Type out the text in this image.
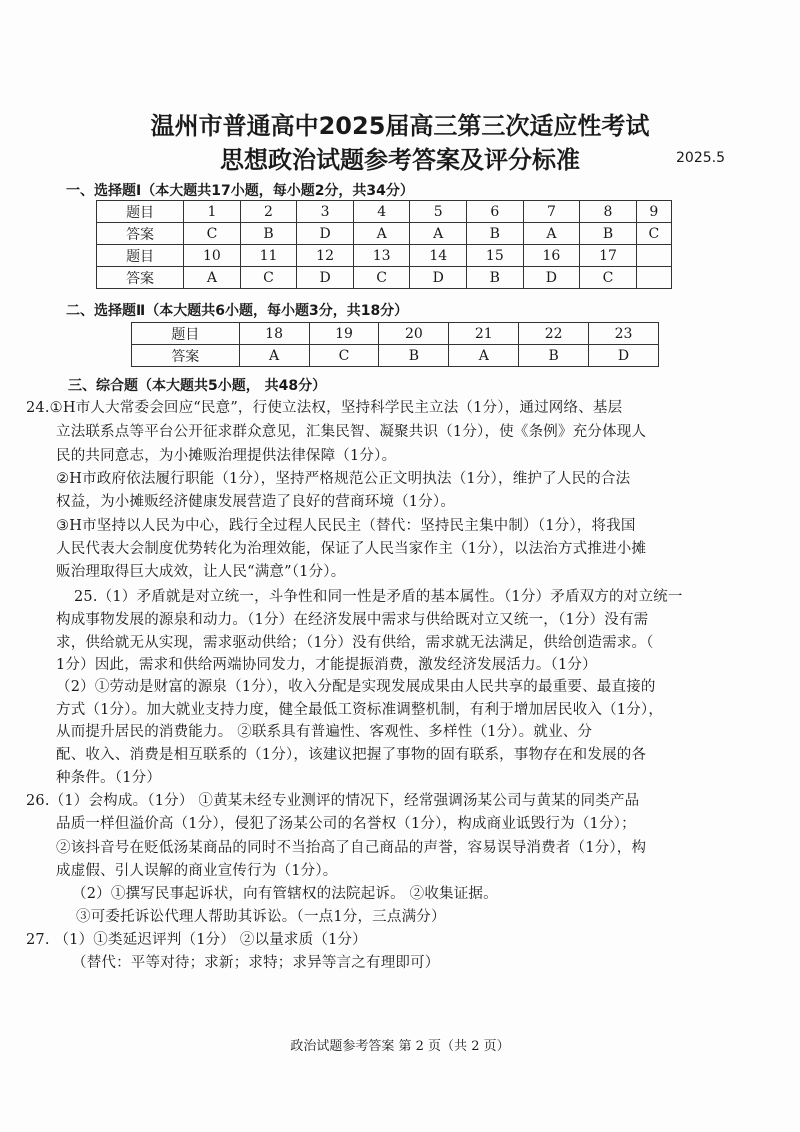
温州市普通高中2025届高三第三次适应性考试
思想政治试题参考答案及评分标准	2025.5
一、选择题Ⅰ（本大题共17小题，每小题2分，共34分）
题目	1	2	3	4	5	6	7	8	9
答案	C	B	D	A	A	B	A	B	C
题目	10	11	12	13	14	15	16	17	
答案	A	C	D	C	D	B	D	C	
二、选择题Ⅱ（本大题共6小题，每小题3分，共18分）
题目	18	19	20	21	22	23
答案	A	C	B	A	B	D
三、综合题（本大题共5小题， 共48分）
24.①H市人大常委会回应“民意”，行使立法权，坚持科学民主立法（1分），通过网络、基层
立法联系点等平台公开征求群众意见，汇集民智、凝聚共识（1分），使《条例》充分体现人
民的共同意志，为小摊贩治理提供法律保障（1分）。
②H市政府依法履行职能（1分），坚持严格规范公正文明执法（1分），维护了人民的合法
权益，为小摊贩经济健康发展营造了良好的营商环境（1分）。
③H市坚持以人民为中心，践行全过程人民民主（替代：坚持民主集中制）（1分），将我国
人民代表大会制度优势转化为治理效能，保证了人民当家作主（1分），以法治方式推进小摊
贩治理取得巨大成效，让人民“满意”（1分）。
25.（1）矛盾就是对立统一，斗争性和同一性是矛盾的基本属性。（1分）矛盾双方的对立统一
构成事物发展的源泉和动力。（1分）在经济发展中需求与供给既对立又统一，（1分）没有需
求，供给就无从实现，需求驱动供给；（1分）没有供给，需求就无法满足，供给创造需求。（
1分）因此，需求和供给两端协同发力，才能提振消费，激发经济发展活力。（1分）
（2）①劳动是财富的源泉（1分），收入分配是实现发展成果由人民共享的最重要、最直接的
方式（1分）。加大就业支持力度，健全最低工资标准调整机制，有利于增加居民收入（1分），
从而提升居民的消费能力。 ②联系具有普遍性、客观性、多样性（1分）。就业、分
配、收入、消费是相互联系的（1分），该建议把握了事物的固有联系，事物存在和发展的各
种条件。（1分）
26.（1）会构成。（1分） ①黄某未经专业测评的情况下，经常强调汤某公司与黄某的同类产品
品质一样但溢价高（1分），侵犯了汤某公司的名誉权（1分），构成商业诋毁行为（1分）；
②该抖音号在贬低汤某商品的同时不当抬高了自己商品的声誉，容易误导消费者（1分），构
成虚假、引人误解的商业宣传行为（1分）。
（2）①撰写民事起诉状，向有管辖权的法院起诉。 ②收集证据。
③可委托诉讼代理人帮助其诉讼。（一点1分，三点满分）
27. （1）①类延迟评判（1分） ②以量求质（1分）
（替代：平等对待；求新；求特；求异等言之有理即可）
政治试题参考答案 第 2 页（共 2 页）
